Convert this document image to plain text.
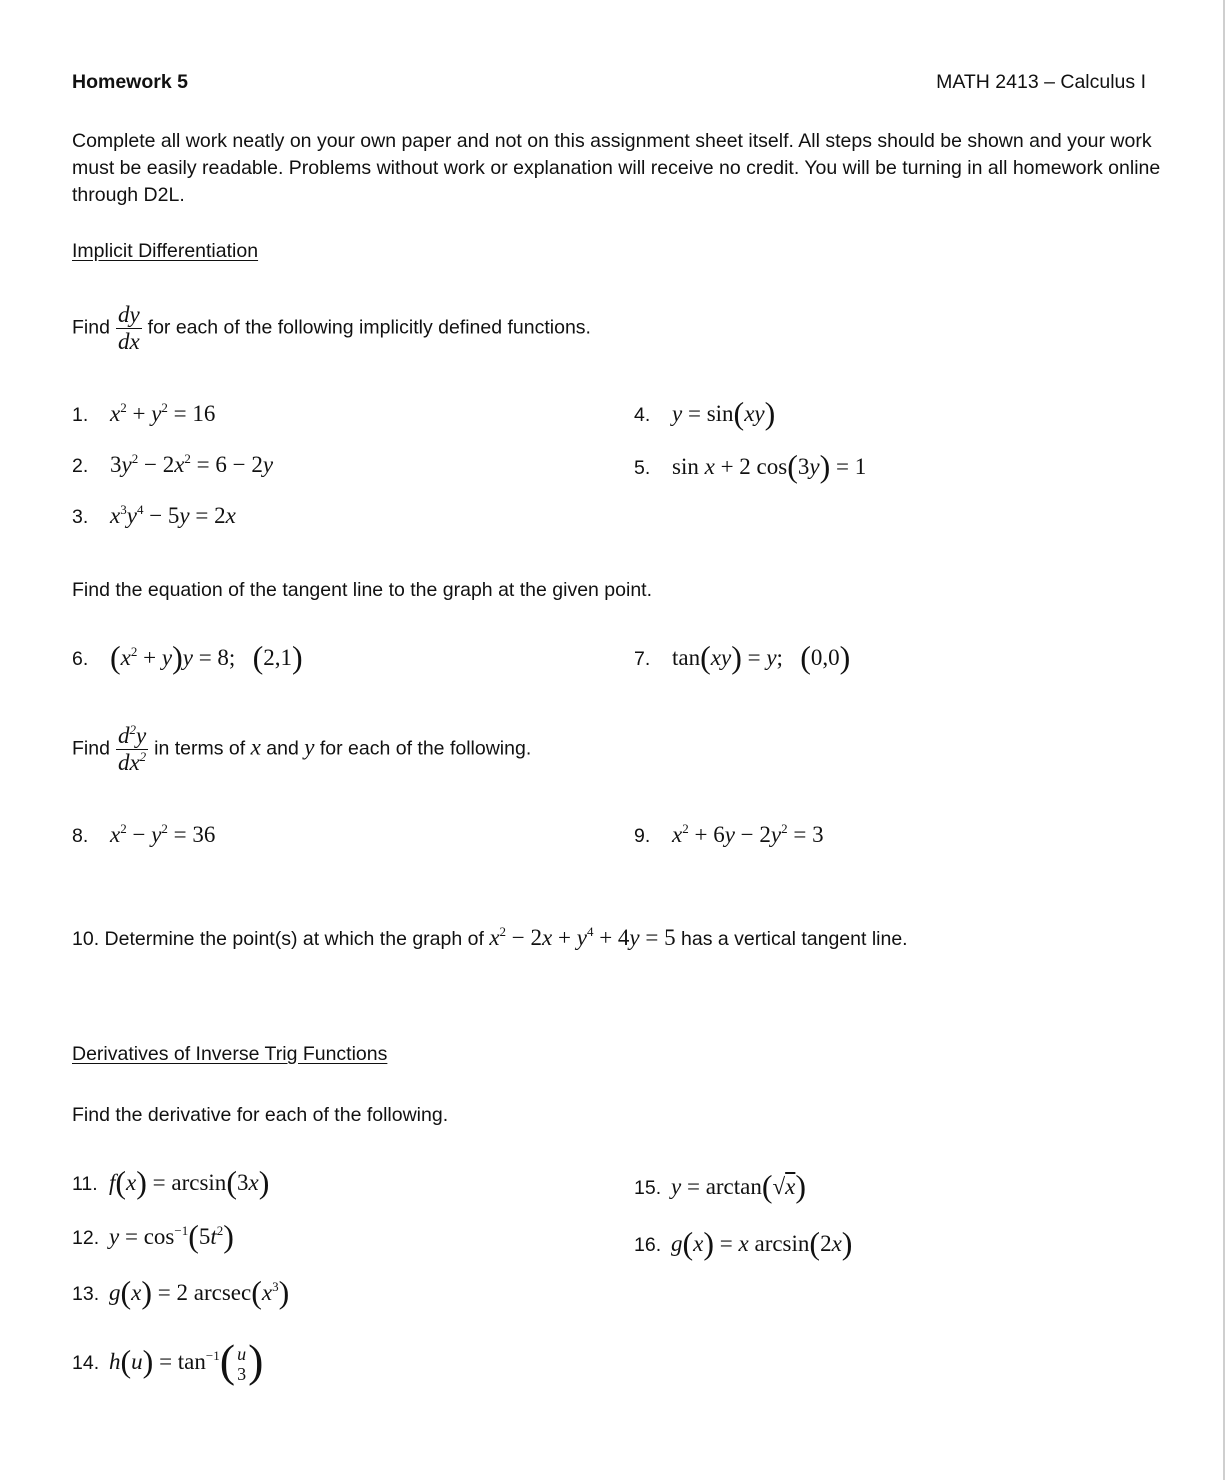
Homework 5	MATH 2413 – Calculus I
Complete all work neatly on your own paper and not on this assignment sheet itself. All steps should be shown and your work must be easily readable. Problems without work or explanation will receive no credit. You will be turning in all homework online through D2L.
Implicit Differentiation
Find $\frac{dy}{dx}$ for each of the following implicitly defined functions.
1. $x^2 + y^2 = 16$
2. $3y^2 - 2x^2 = 6 - 2y$
3. $x^3y^4 - 5y = 2x$
4. y = sin(xy)
5. sin x + 2 cos(3y) = 1
Find the equation of the tangent line to the graph at the given point.
6. $(x^2 + y)y = 8$;   (2,1)	7. tan(xy) = y;   (0,0)
Find $\frac{d^2y}{dx^2}$ in terms of x and y for each of the following.
8. $x^2 - y^2 = 36$	9. $x^2 + 6y - 2y^2 = 3$
10. Determine the point(s) at which the graph of $x^2 - 2x + y^4 + 4y = 5$ has a vertical tangent line.
Derivatives of Inverse Trig Functions
Find the derivative for each of the following.
11. f(x) = arcsin(3x)
12. $y = \cos^{-1}(5t^2)$
13. g(x) = 2 $arcsec(x^3)$
14. $h(u) = \tan^{-1}$( u
3 )
15. y = arctan(√x)
16. g(x) = x arcsin(2x)
